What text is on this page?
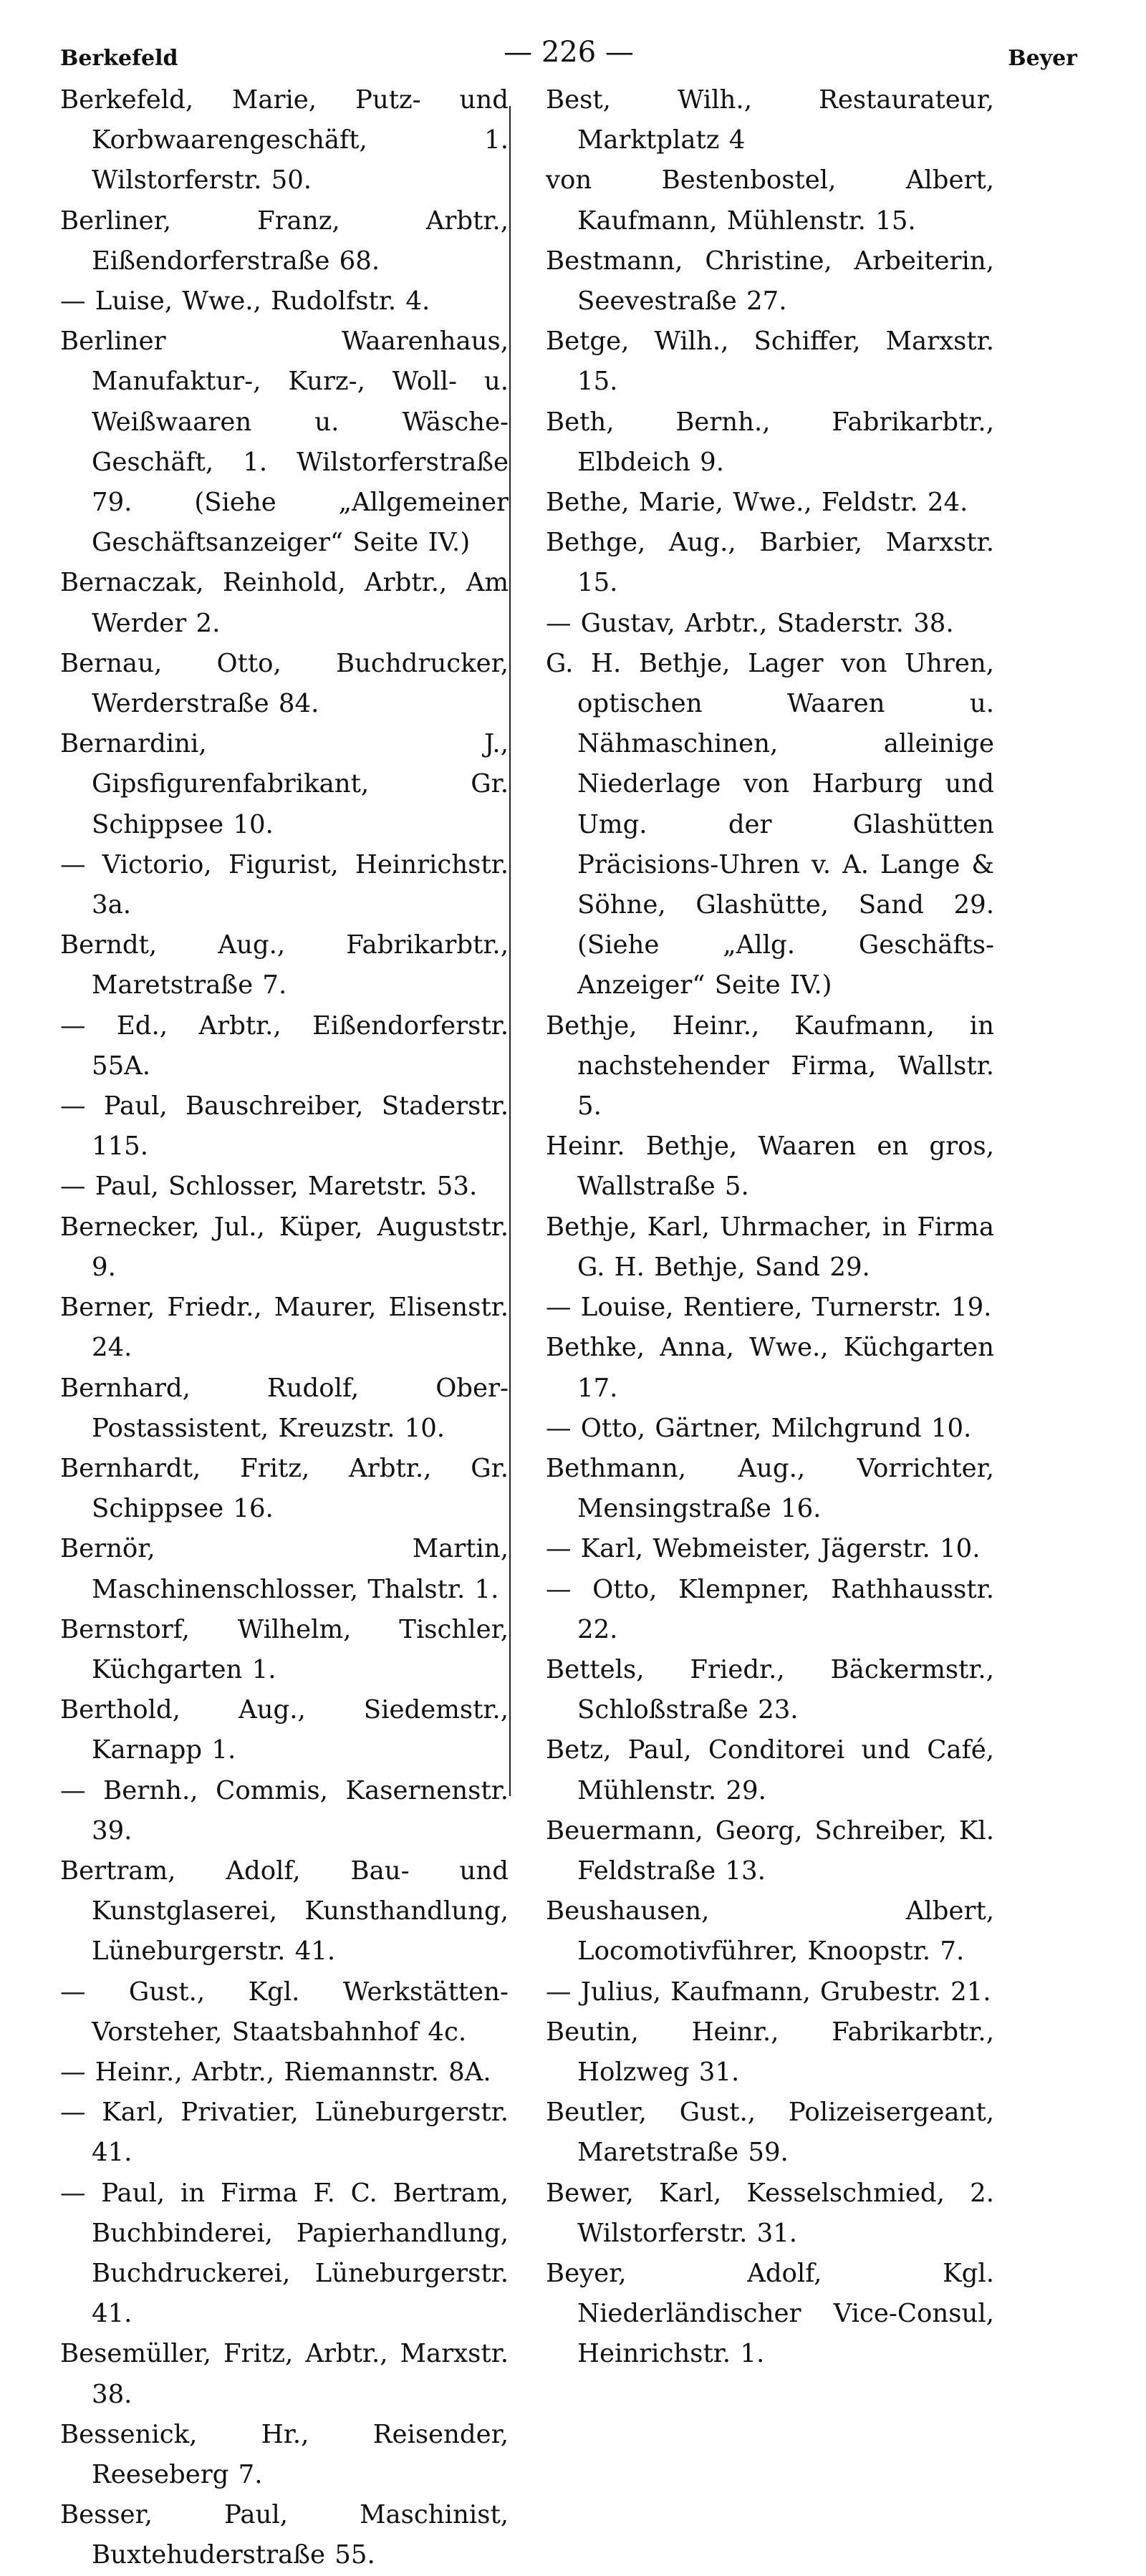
Berkefeld	— 226 —	Beyer
Berkefeld, Marie, Putz- und Korbwaarengeschäft, 1. Wilstorferstr. 50.
Berliner, Franz, Arbtr., Eißendorferstraße 68.
— Luise, Wwe., Rudolfstr. 4.
Berliner Waarenhaus, Manufaktur-, Kurz-, Woll- u. Weißwaaren u. Wäsche-Geschäft, 1. Wilstorferstraße 79. (Siehe „Allgemeiner Geschäftsanzeiger“ Seite IV.)
Bernaczak, Reinhold, Arbtr., Am Werder 2.
Bernau, Otto, Buchdrucker, Werderstraße 84.
Bernardini, J., Gipsfigurenfabrikant, Gr. Schippsee 10.
— Victorio, Figurist, Heinrichstr. 3a.
Berndt, Aug., Fabrikarbtr., Maretstraße 7.
— Ed., Arbtr., Eißendorferstr. 55A.
— Paul, Bauschreiber, Staderstr. 115.
— Paul, Schlosser, Maretstr. 53.
Bernecker, Jul., Küper, Auguststr. 9.
Berner, Friedr., Maurer, Elisenstr. 24.
Bernhard, Rudolf, Ober-Postassistent, Kreuzstr. 10.
Bernhardt, Fritz, Arbtr., Gr. Schippsee 16.
Bernör, Martin, Maschinenschlosser, Thalstr. 1.
Bernstorf, Wilhelm, Tischler, Küchgarten 1.
Berthold, Aug., Siedemstr., Karnapp 1.
— Bernh., Commis, Kasernenstr. 39.
Bertram, Adolf, Bau- und Kunstglaserei, Kunsthandlung, Lüneburgerstr. 41.
— Gust., Kgl. Werkstätten-Vorsteher, Staatsbahnhof 4c.
— Heinr., Arbtr., Riemannstr. 8A.
— Karl, Privatier, Lüneburgerstr. 41.
— Paul, in Firma F. C. Bertram, Buchbinderei, Papierhandlung, Buchdruckerei, Lüneburgerstr. 41.
Besemüller, Fritz, Arbtr., Marxstr. 38.
Bessenick, Hr., Reisender, Reeseberg 7.
Besser, Paul, Maschinist, Buxtehuderstraße 55.
Best, Wilh., Restaurateur, Marktplatz 4
von Bestenbostel, Albert, Kaufmann, Mühlenstr. 15.
Bestmann, Christine, Arbeiterin, Seevestraße 27.
Betge, Wilh., Schiffer, Marxstr. 15.
Beth, Bernh., Fabrikarbtr., Elbdeich 9.
Bethe, Marie, Wwe., Feldstr. 24.
Bethge, Aug., Barbier, Marxstr. 15.
— Gustav, Arbtr., Staderstr. 38.
G. H. Bethje, Lager von Uhren, optischen Waaren u. Nähmaschinen, alleinige Niederlage von Harburg und Umg. der Glashütten Präcisions-Uhren v. A. Lange & Söhne, Glashütte, Sand 29. (Siehe „Allg. Geschäfts-Anzeiger“ Seite IV.)
Bethje, Heinr., Kaufmann, in nachstehender Firma, Wallstr. 5.
Heinr. Bethje, Waaren en gros, Wallstraße 5.
Bethje, Karl, Uhrmacher, in Firma G. H. Bethje, Sand 29.
— Louise, Rentiere, Turnerstr. 19.
Bethke, Anna, Wwe., Küchgarten 17.
— Otto, Gärtner, Milchgrund 10.
Bethmann, Aug., Vorrichter, Mensingstraße 16.
— Karl, Webmeister, Jägerstr. 10.
— Otto, Klempner, Rathhausstr. 22.
Bettels, Friedr., Bäckermstr., Schloßstraße 23.
Betz, Paul, Conditorei und Café, Mühlenstr. 29.
Beuermann, Georg, Schreiber, Kl. Feldstraße 13.
Beushausen, Albert, Locomotivführer, Knoopstr. 7.
— Julius, Kaufmann, Grubestr. 21.
Beutin, Heinr., Fabrikarbtr., Holzweg 31.
Beutler, Gust., Polizeisergeant, Maretstraße 59.
Bewer, Karl, Kesselschmied, 2. Wilstorferstr. 31.
Beyer, Adolf, Kgl. Niederländischer Vice-Consul, Heinrichstr. 1.
